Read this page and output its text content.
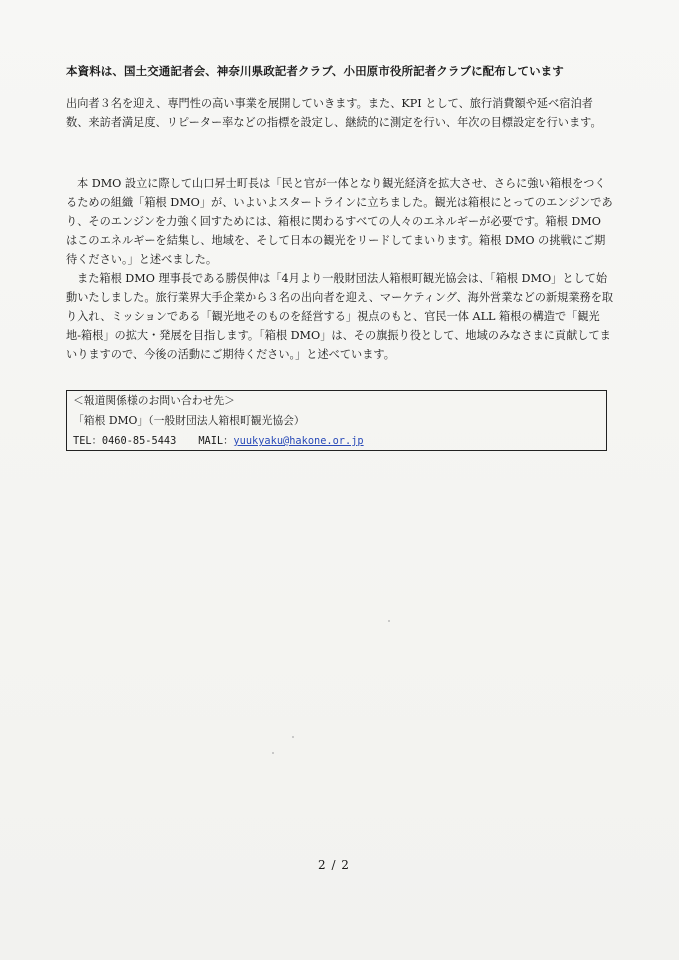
本資料は、国土交通記者会、神奈川県政記者クラブ、小田原市役所記者クラブに配布しています

出向者３名を迎え、専門性の高い事業を展開していきます。また、KPI として、旅行消費額や延べ宿泊者数、来訪者満足度、リピーター率などの指標を設定し、継続的に測定を行い、年次の目標設定を行います。

本 DMO 設立に際して山口昇士町長は「民と官が一体となり観光経済を拡大させ、さらに強い箱根をつくるための組織「箱根 DMO」が、いよいよスタートラインに立ちました。観光は箱根にとってのエンジンであり、そのエンジンを力強く回すためには、箱根に関わるすべての人々のエネルギーが必要です。箱根 DMO はこのエネルギーを結集し、地域を、そして日本の観光をリードしてまいります。箱根 DMO の挑戦にご期待ください。」と述べました。

また箱根 DMO 理事長である勝俣伸は「4月より一般財団法人箱根町観光協会は、「箱根 DMO」として始動いたしました。旅行業界大手企業から３名の出向者を迎え、マーケティング、海外営業などの新規業務を取り入れ、ミッションである「観光地そのものを経営する」視点のもと、官民一体 ALL 箱根の構造で「観光地-箱根」の拡大・発展を目指します。「箱根 DMO」は、その旗振り役として、地域のみなさまに貢献してまいりますので、今後の活動にご期待ください。」と述べています。

＜報道関係様のお問い合わせ先＞
「箱根 DMO」（一般財団法人箱根町観光協会）
TEL：0460-85-5443 MAIL：yuukyaku@hakone.or.jp
2 / 2
